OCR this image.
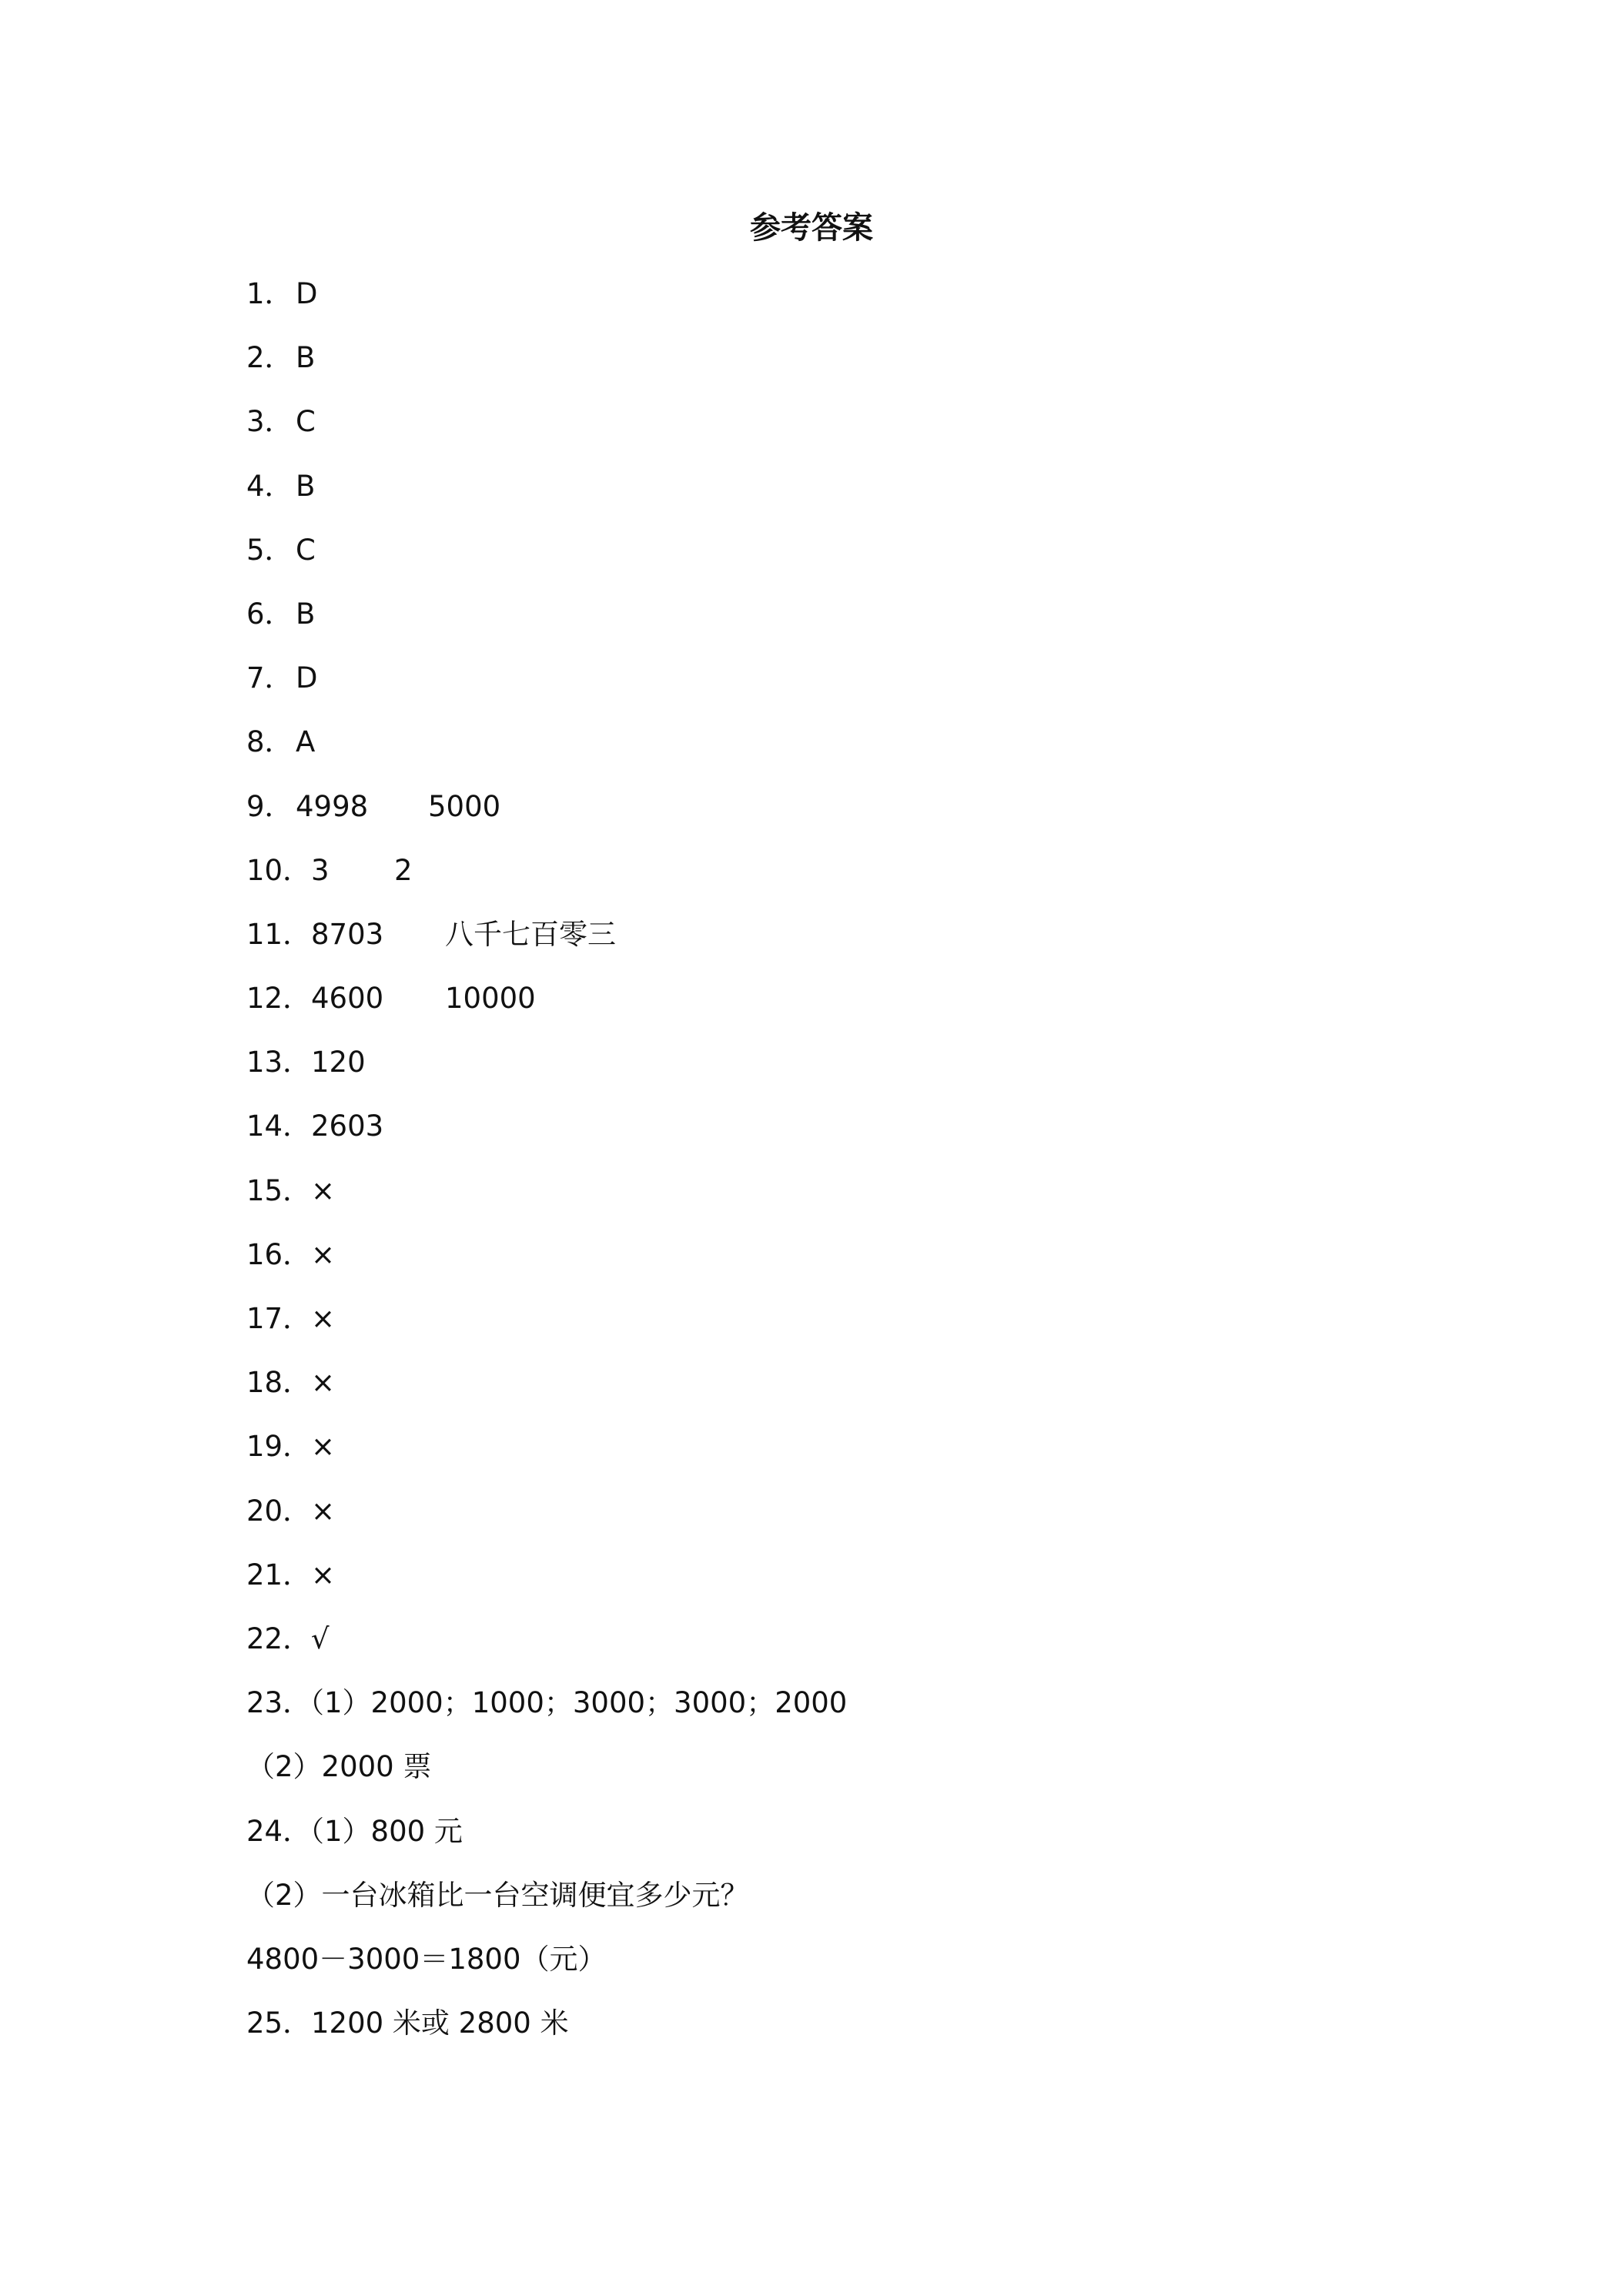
参考答案
1．D
2．B
3．C
4．B
5．C
6．B
7．D
8．A
9．4998 5000
10．3 2
11．8703 八千七百零三
12．4600 10000
13．120
14．2603
15．×
16．×
17．×
18．×
19．×
20．×
21．×
22．√
23．（1）2000；1000；3000；3000；2000
（2）2000 票
24．（1）800 元
（2）一台冰箱比一台空调便宜多少元？
4800－3000＝1800（元）
25．1200 米或 2800 米
